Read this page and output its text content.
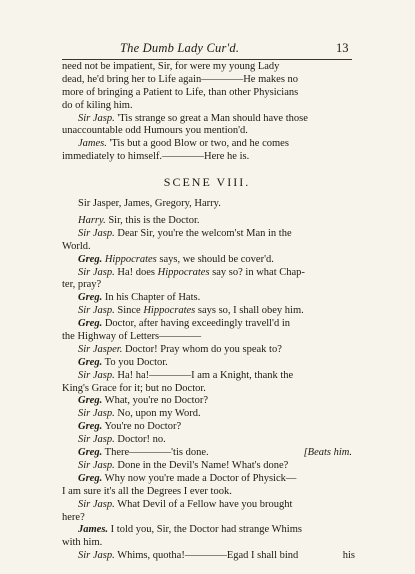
The Dumb Lady Cur'd.	13
need not be impatient, Sir, for were my young Lady
dead, he'd bring her to Life again————He makes no
more of bringing a Patient to Life, than other Physicians
do of kiling him.
Sir Jasp. 'Tis strange so great a Man should have those
unaccountable odd Humours you mention'd.
James. 'Tis but a good Blow or two, and he comes
immediately to himself.————Here he is.
SCENE VIII.
Sir Jasper, James, Gregory, Harry.
Harry. Sir, this is the Doctor.
Sir Jasp. Dear Sir, you're the welcom'st Man in the
World.
Greg. Hippocrates says, we should be cover'd.
Sir Jasp. Ha! does Hippocrates say so? in what Chap-
ter, pray?
Greg. In his Chapter of Hats.
Sir Jasp. Since Hippocrates says so, I shall obey him.
Greg. Doctor, after having exceedingly travell'd in
the Highway of Letters————
Sir Jasper. Doctor! Pray whom do you speak to?
Greg. To you Doctor.
Sir Jasp. Ha! ha!————I am a Knight, thank the
King's Grace for it; but no Doctor.
Greg. What, you're no Doctor?
Sir Jasp. No, upon my Word.
Greg. You're no Doctor?
Sir Jasp. Doctor! no.
Greg. There————'tis done.	[Beats him.
Sir Jasp. Done in the Devil's Name! What's done?
Greg. Why now you're made a Doctor of Physick—
I am sure it's all the Degrees I ever took.
Sir Jasp. What Devil of a Fellow have you brought
here?
James. I told you, Sir, the Doctor had strange Whims
with him.
Sir Jasp. Whims, quotha!————Egad I shall bind	his
